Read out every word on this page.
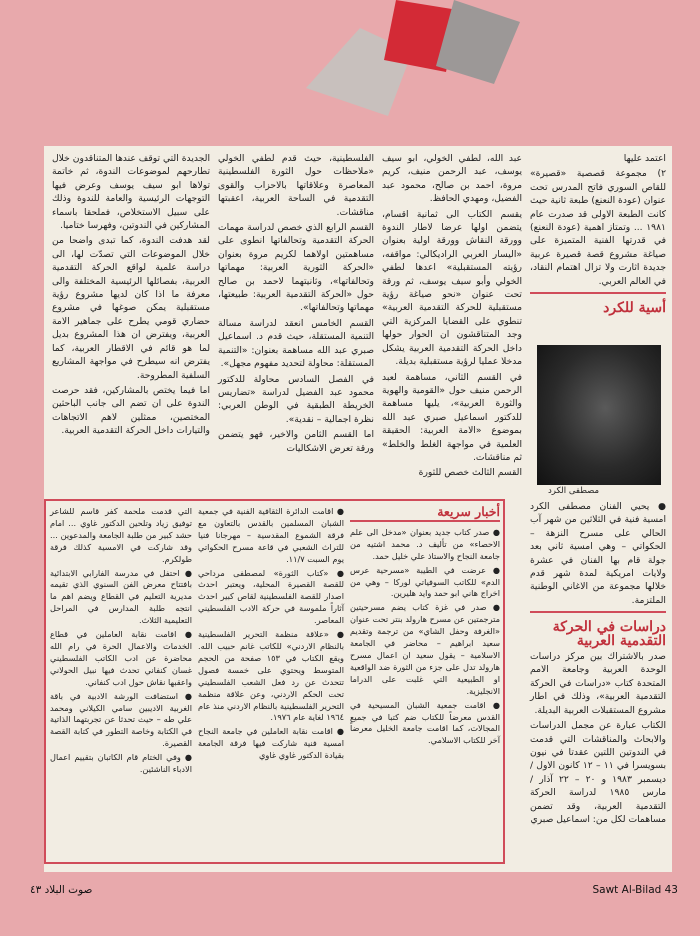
اعتمد عليها

٢) مجموعة قصصية «قصيرة» للقاص السوري فاتح المدرس تحت عنوان (عودة النعنع) طبعة ثانية حيث كانت الطبعة الاولى قد صدرت عام ١٩٨١ ... وتمتاز اهمية (عودة النعنع) في قدرتها الفنية المتميزة على صياغة مشروع قصة قصيرة عربية جديدة اثارت ولا تزال اهتمام النقاد، في العالم العربي.

أسية للكرد
مصطفى الكرد

● يحيي الفنان مصطفى الكرد امسية فنية في الثلاثين من شهر آب الحالي على مسرح النزهة – الحكواتي – وهي امسية ثاني بعد جولة قام بها الفنان في عشرة ولايات امريكية لمدة شهر قدم خلالها مجموعة من الاغاني الوطنية الملتزمة.

دراسات في الحركة التقدمية العربية

صدر بالاشتراك بين مركز دراسات الوحدة العربية وجامعة الامم المتحدة كتاب «دراسات في الحركة التقدمية العربية»، وذلك في اطار مشروع المستقبلات العربية البديلة.

الكتاب عبارة عن مجمل الدراسات والابحاث والمناقشات التي قدمت في الندوتين اللتين عقدتا في نيون بسويسرا في ١١ – ١٢ كانون الاول / ديسمبر ١٩٨٣ و ٢٠ – ٢٢ آذار / مارس ١٩٨٥ لدراسة الحركة التقدمية العربية، وقد تضمن مساهمات لكل من: اسماعيل صبري

عبد الله، لطفي الخولي، ابو سيف يوسف، عبد الرحمن منيف، كريم مروة، احمد بن صالح، محمود عبد الفضيل، ومهدي الحافظ.

يقسم الكتاب الى ثمانية اقسام، يتضمن اولها عرضا لاطار الندوة وورقة النقاش وورقة اولية بعنوان «اليسار العربي الراديكالي: مواقفه، رؤيته المستقبلية» اعدها لطفي الخولي وأبو سيف يوسف، ثم ورقة تحت عنوان «نحو صياغة رؤية مستقبلية للحركة التقدمية العربية» تنطوي على القضايا المركزية التي وجد المتناقشون ان الحوار حولها داخل الحركة التقدمية العربية يشكل مدخلا عمليا لرؤية مستقبلية بديلة.

في القسم الثاني، مساهمة لعبد الرحمن منيف حول «القومية والهوية والثورة العربية»، يليها مساهمة للدكتور اسماعيل صبري عبد الله بموضوع «الامة العربية: الحقيقة العلمية في مواجهة الغلط والخلط» ثم مناقشات.

القسم الثالث خصص للثورة

الفلسطينية، حيث قدم لطفي الخولي «ملاحظات حول الثورة الفلسطينية المعاصرة وعلاقاتها بالاحزاب والقوى التقدمية في الساحة العربية، اعقبتها مناقشات.

القسم الرابع الذي خصص لدراسة مهمات الحركة التقدمية وتحالفاتها انطوى على مساهمتين اولاهما لكريم مروة بعنوان «الحركة الثورية العربية: مهماتها وتحالفاتها»، وثانيتهما لاحمد بن صالح حول «الحركة التقدمية العربية: طبيعتها، مهماتها وتحالفاتها».

القسم الخامس انعقد لدراسة مسالة التنمية المستقلة، حيث قدم د. اسماعيل صبري عبد الله مساهمة بعنوان: «التنمية المستقلة: محاولة لتحديد مفهوم مجهل».

في الفصل السادس محاولة للدكتور محمود عبد الفضيل لدراسة «تضاريس الخريطة الطبقية في الوطن العربي: نظرة اجمالية – نقدية».

اما القسم الثامن والاخير، فهو يتضمن ورقة تعرض الاشكاليات

الجديدة التي توقف عندها المتناقدون خلال تطارحهم لموضوعات الندوة، ثم خاتمة تولاها ابو سيف يوسف وعرض فيها التوجهات الرئيسية والعامة للندوة وذلك على سبيل الاستخلاص، فملحقا باسماء المشاركين في الندوتين، وفهرسا ختاميا.

لقد هدفت الندوة، كما تبدى واضحا من خلال الموضوعات التي تصدّت لها، الى دراسة علمية لواقع الحركة التقدمية العربية، بفصائلها الرئيسية المختلفة والى معرفة ما اذا كان لديها مشروع رؤية مستقبلية يمكن صوغها في مشروع حضاري قومي يطرح على جماهير الامة العربية، ويفترض ان هذا المشروع بديل لما هو قائم في الاقطار العربية، كما يفترض انه سيطرح في مواجهة المشاريع السلفية المطروحة.

اما فيما يختص بالمشاركين، فقد حرصت الندوة على ان تضم الى جانب الباحثين المختصين، ممثلين لاهم الاتجاهات والتيارات داخل الحركة التقدمية العربية.

أخبار سريعة

● صدر كتاب جديد بعنوان «مدخل الى علم الاحصاء» من تأليف د. محمد اشتيه من جامعة النجاح والاستاذ علي خليل حمد.

● عرضت في الطيبة «مسرحية عرس الدم» للكاتب السوفياتي لوركا – وهي من اخراج هاني ابو حمد وايد هليرين.

● صدر في غزة كتاب يضم مسرحيتين مترجمتين عن مسرح هارولد بنتر تحت عنوان «الغرفة وحفل الشاي» من ترجمة وتقديم سعيد ابراهيم – محاضر في الجامعة الاسلامية – يقول سعيد ان اعمال مسرح هارولد تدل على جزء من الثورة ضد الواقعية او الطبيعية التي غلبت على الدراما الانجليزية.

● اقامت جمعية الشبان المسيحية في القدس معرضاً للكتاب ضم كتبا في جميع المجالات، كما اقامت جامعة الخليل معرضاً آخر للكتاب الاسلامي.

● اقامت الدائرة الثقافية الفنية في جمعية الشبان المسلمين بالقدس بالتعاون مع فرقة الشموع المقدسية – مهرجانا فنيا للتراث الشعبي في قاعة مسرح الحكواتي يوم السبت ١١/٧.

● «كتاب الثورة» لمصطفى مرداحي للقصة القصيرة المحلية، ويعتبر احدث اصدار للقصة الفلسطينية لقاص كبير احدث آثاراً ملموسة في حركة الادب الفلسطيني المعاصر.

● «علاقة منظمة التحرير الفلسطينية بالنظام الاردني» للكاتب غانم حبيب الله. ويقع الكتاب في ١٥٣ صفحة من الحجم المتوسط ويحتوي على خمسة فصول تتحدث عن رد فعل الشعب الفلسطيني تحت الحكم الاردني، وعن علاقة منظمة التحرير الفلسطينية بالنظام الاردني منذ عام ١٩٦٤ لغاية عام ١٩٧٦.

● اقامت نقابة العاملين في جامعة النجاح امسية فنية شاركت فيها فرقة الجامعة بقيادة الدكتور غاوي غاوي

التي قدمت ملحمة كفر قاسم للشاعر توفيق زياد وتلحين الدكتور غاوي ... امام حشد كبير من طلبة الجامعة والمدعوين ... وقد شاركت في الامسية كذلك فرقة طولكرم.

● احتفل في مدرسة الفارابي الابتدائية بافتتاح معرض الفن السنوي الذي تقيمه مديرية التعليم في القطاع ويضم اهم ما انتجه طلبة المدارس في المراحل التعليمية الثلاث.

● اقامت نقابة العاملين في قطاع الخدمات والاعمال الحرة في رام الله محاضرة عن ادب الكاتب الفلسطيني غسان كنفاني تحدث فيها نبيل الحولاني واعقبها نقاش حول ادب كنفاني.

● استضافت الورشة الادبية في باقة الغربية الاديبين سامي الكيلاني ومحمد علي طه – حيث تحدثا عن تجربتهما الذاتية في الكتابة وخاصة التطور في كتابة القصة القصيرة.

● وفي الختام قام الكاتبان بتقييم اعمال الادباء الناشئين.

Sawt Al-Bilad 43
صوت البلاد ٤٣
